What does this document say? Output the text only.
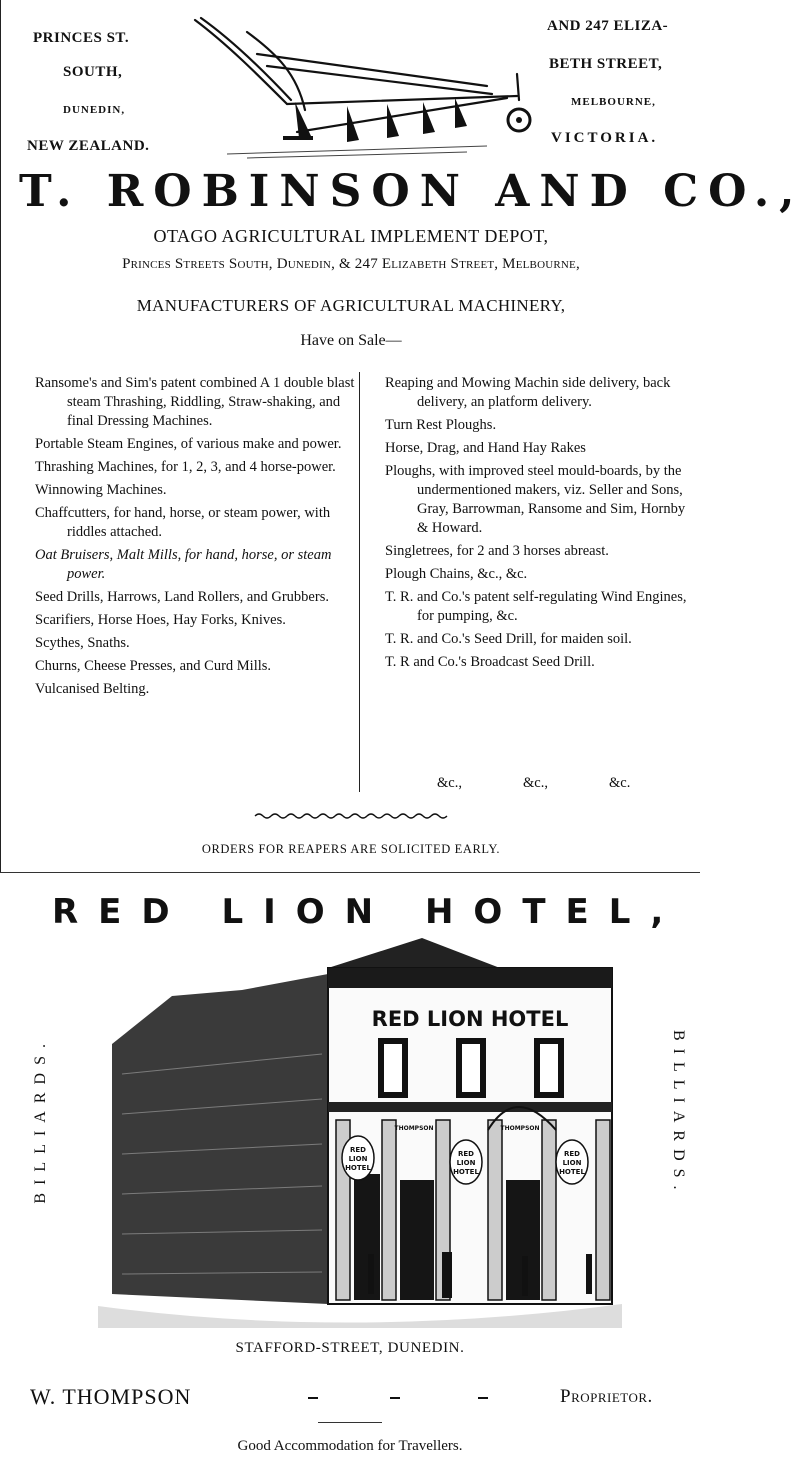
PRINCES ST.
SOUTH,
DUNEDIN,
NEW ZEALAND.
AND 247 ELIZA-
BETH STREET,
MELBOURNE,
VICTORIA.
T. ROBINSON AND CO.,
OTAGO AGRICULTURAL IMPLEMENT DEPOT,
Princes Streets South, Dunedin, & 247 Elizabeth Street, Melbourne,
MANUFACTURERS OF AGRICULTURAL MACHINERY,
Have on Sale—
Ransome's and Sim's patent combined A 1 double blast steam Thrashing, Riddling, Straw-shaking, and final Dressing Machines.
Portable Steam Engines, of various make and power.
Thrashing Machines, for 1, 2, 3, and 4 horse-power.
Winnowing Machines.
Chaffcutters, for hand, horse, or steam power, with riddles attached.
Oat Bruisers, Malt Mills, for hand, horse, or steam power.
Seed Drills, Harrows, Land Rollers, and Grubbers.
Scarifiers, Horse Hoes, Hay Forks, Knives.
Scythes, Snaths.
Churns, Cheese Presses, and Curd Mills.
Vulcanised Belting.
Reaping and Mowing Machin side delivery, back delivery, an platform delivery.
Turn Rest Ploughs.
Horse, Drag, and Hand Hay Rakes
Ploughs, with improved steel mould-boards, by the undermentioned makers, viz. Seller and Sons, Gray, Barrowman, Ransome and Sim, Hornby & Howard.
Singletrees, for 2 and 3 horses abreast.
Plough Chains, &c., &c.
T. R. and Co.'s patent self-regulating Wind Engines, for pumping, &c.
T. R. and Co.'s Seed Drill, for maiden soil.
T. R and Co.'s Broadcast Seed Drill.
&c.,	&c.,	&c.
ORDERS FOR REAPERS ARE SOLICITED EARLY.
RED LION HOTEL,
BILLIARDS.	BILLIARDS.
RED LION HOTEL
RED
LION
HOTEL
RED
LION
HOTEL
RED
LION
HOTEL
THOMPSON	THOMPSON
STAFFORD-STREET, DUNEDIN.
W. THOMPSON	Proprietor.
Good Accommodation for Travellers.
